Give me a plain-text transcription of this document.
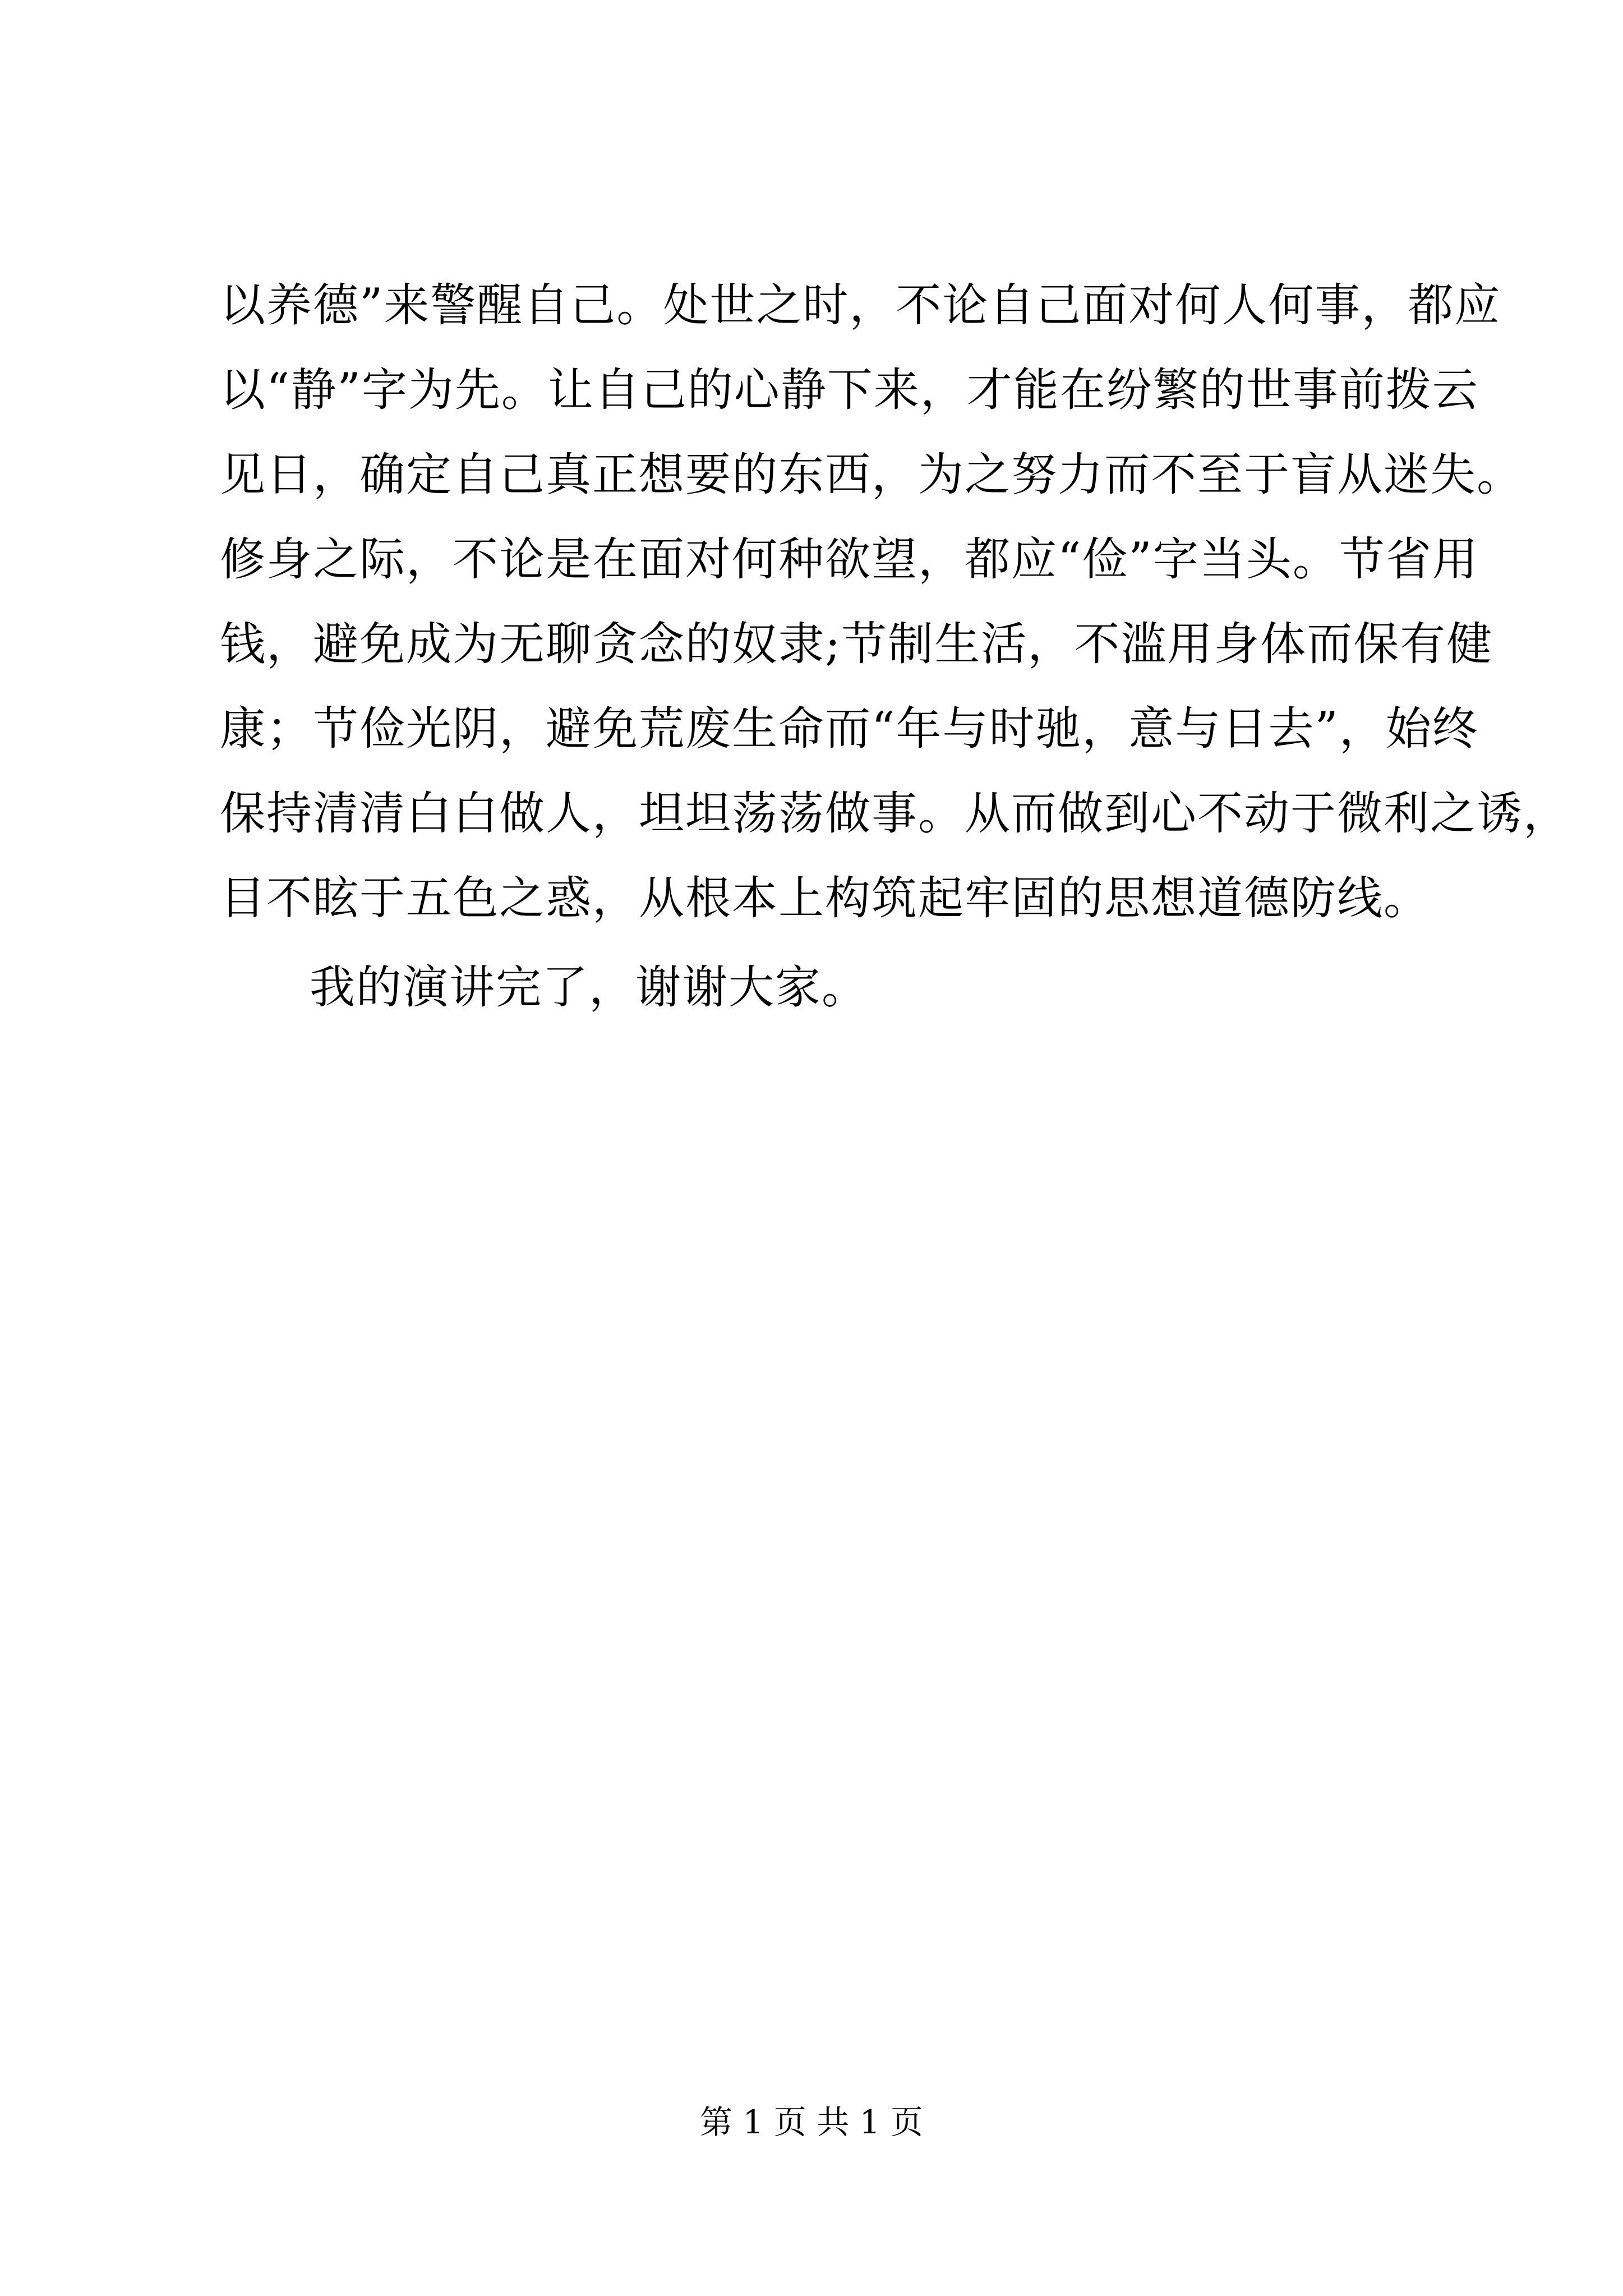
以养德”来警醒自己。处世之时，不论自己面对何人何事，都应
以“静”字为先。让自己的心静下来，才能在纷繁的世事前拨云
见日，确定自己真正想要的东西，为之努力而不至于盲从迷失。
修身之际，不论是在面对何种欲望，都应“俭”字当头。节省用
钱，避免成为无聊贪念的奴隶;节制生活，不滥用身体而保有健
康；节俭光阴，避免荒废生命而“年与时驰，意与日去”，始终
保持清清白白做人，坦坦荡荡做事。从而做到心不动于微利之诱，
目不眩于五色之惑，从根本上构筑起牢固的思想道德防线。
我的演讲完了，谢谢大家。
第 1 页 共 1 页
